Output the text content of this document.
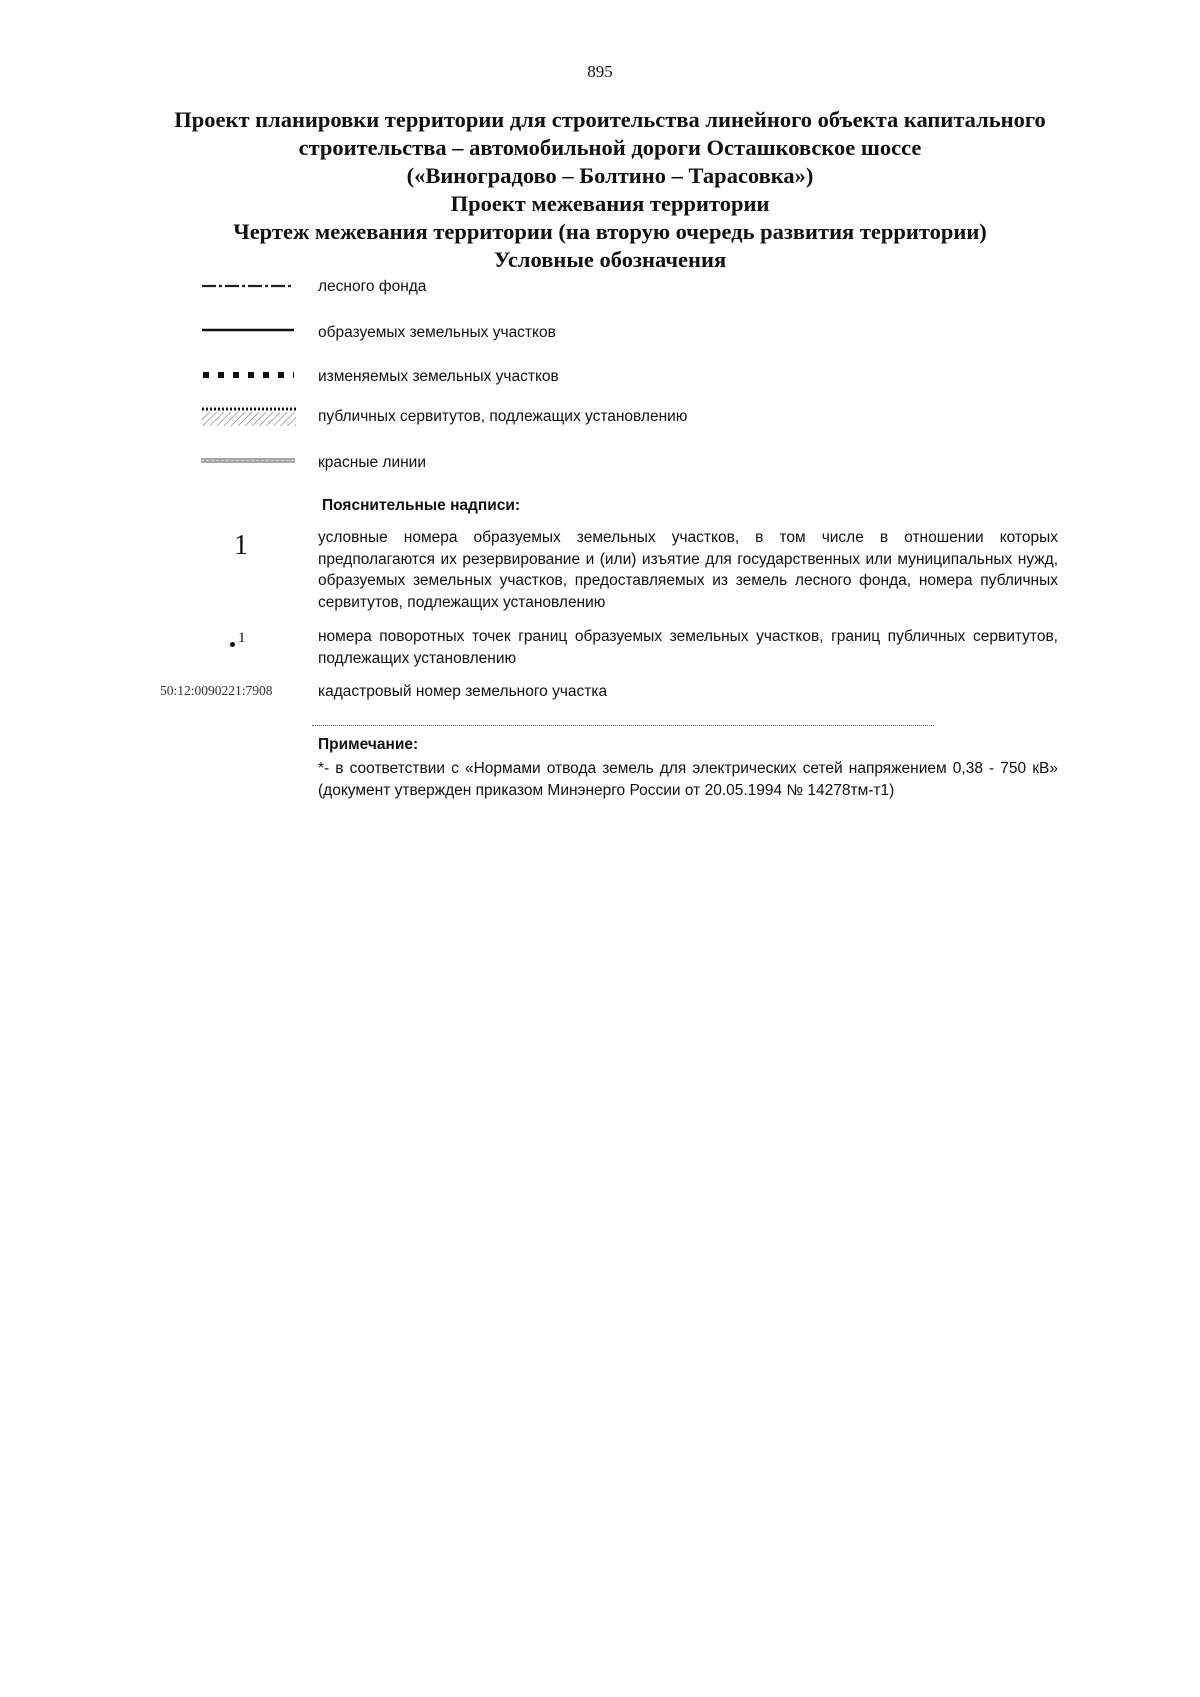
895
Проект планировки территории для строительства линейного объекта капитального
строительства – автомобильной дороги Осташковское шоссе
(«Виноградово – Болтино – Тарасовка»)
Проект межевания территории
Чертеж межевания территории (на вторую очередь развития территории)
Условные обозначения
лесного фонда
образуемых земельных участков
изменяемых земельных участков
публичных сервитутов, подлежащих установлению
красные линии
Пояснительные надписи:
1	условные номера образуемых земельных участков, в том числе в отношении которых предполагаются их резервирование и (или) изъятие для государственных или муниципальных нужд, образуемых земельных участков, предоставляемых из земель лесного фонда, номера публичных сервитутов, подлежащих установлению
1	номера поворотных точек границ образуемых земельных участков, границ публичных сервитутов, подлежащих установлению
50:12:0090221:7908	кадастровый номер земельного участка
Примечание:
*- в соответствии с «Нормами отвода земель для электрических сетей напряжением 0,38 - 750 кВ» (документ утвержден приказом Минэнерго России от 20.05.1994 № 14278тм-т1)
